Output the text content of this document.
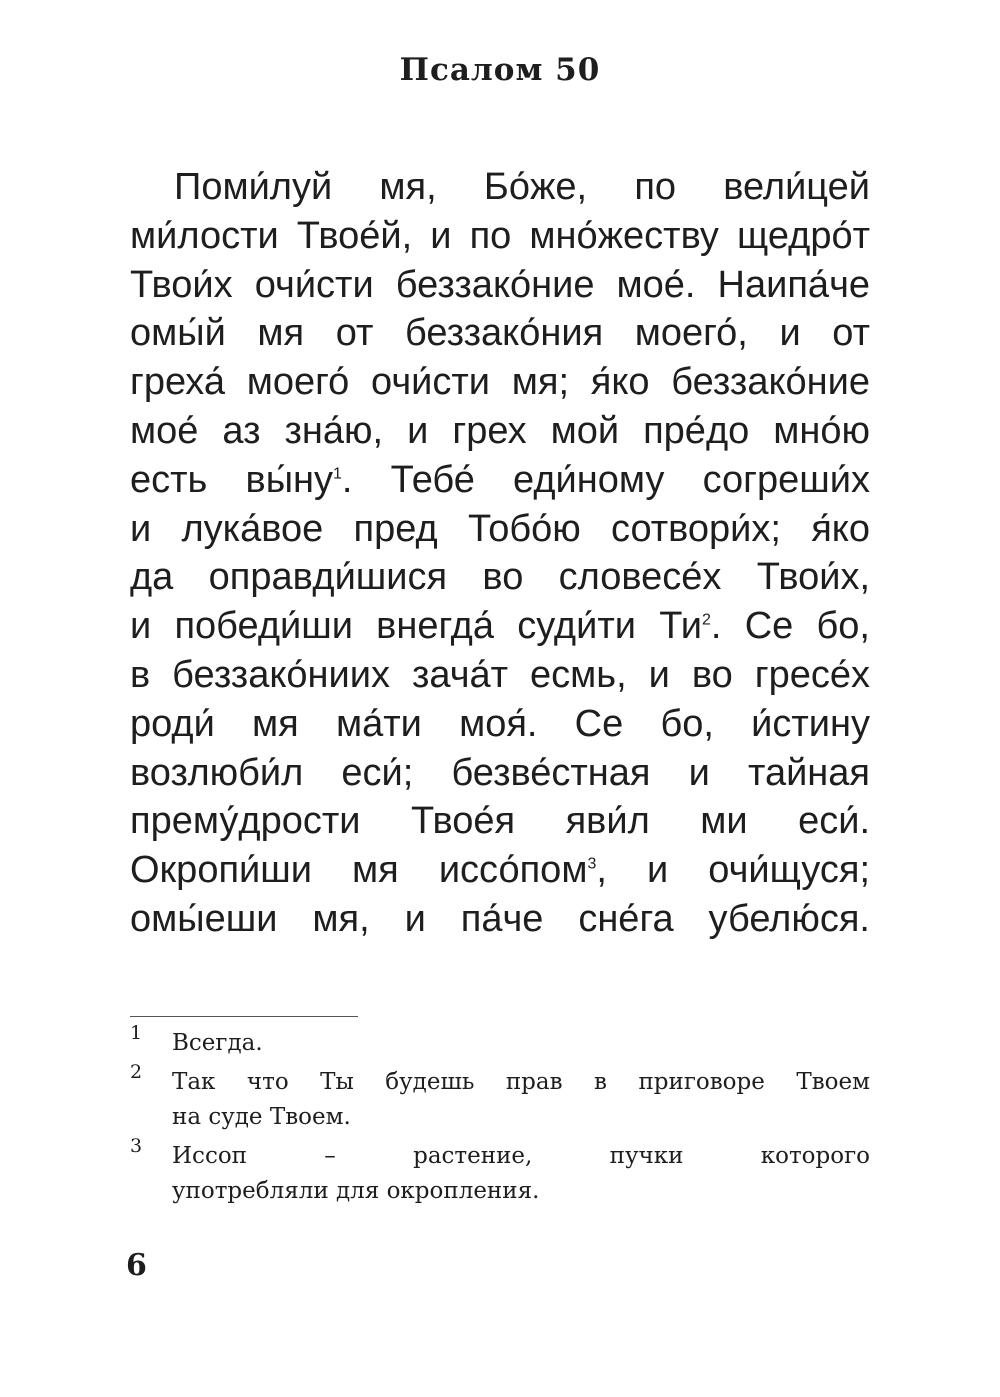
Псалом 50
Поми́луй мя, Бо́же, по вели́цей
ми́лости Твое́й, и по мно́жеству щедро́т
Твои́х очи́сти беззако́ние мое́. Наипа́че
омы́й мя от беззако́ния моего́, и от
греха́ моего́ очи́сти мя; я́ко беззако́ние
мое́ аз зна́ю, и грех мой пре́до мно́ю
есть $вы́ну^1$. Тебе́ еди́ному согреши́х
и лука́вое пред Тобо́ю сотвори́х; я́ко
да оправди́шися во словесе́х Твои́х,
и победи́ши внегда́ суди́ти $Ти^2$. Се бо,
в беззако́ниих зача́т есмь, и во гресе́х
роди́ мя ма́ти моя́. Се бо, и́стину
возлюби́л еси́; безве́стная и тайная
прему́дрости Твое́я яви́л ми еси́.
Окропи́ши мя иссо́пом$^3$, и очи́щуся;
омы́еши мя, и па́че сне́га убелю́ся.
1 Всегда.
2 Так что Ты будешь прав в приговоре Твоем
на суде Твоем.
3 Иссоп – растение, пучки которого
употребляли для окропления.
6
